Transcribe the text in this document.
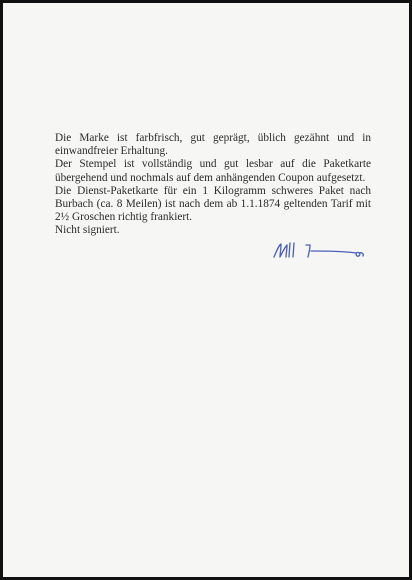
Die Marke ist farbfrisch, gut geprägt, üblich gezähnt und in einwandfreier Erhaltung.

Der Stempel ist vollständig und gut lesbar auf die Paketkarte übergehend und nochmals auf dem anhängenden Coupon aufgesetzt.

Die Dienst-Paketkarte für ein 1 Kilogramm schweres Paket nach Burbach (ca. 8 Meilen) ist nach dem ab 1.1.1874 geltenden Tarif mit 2½ Groschen richtig frankiert.

Nicht signiert.
